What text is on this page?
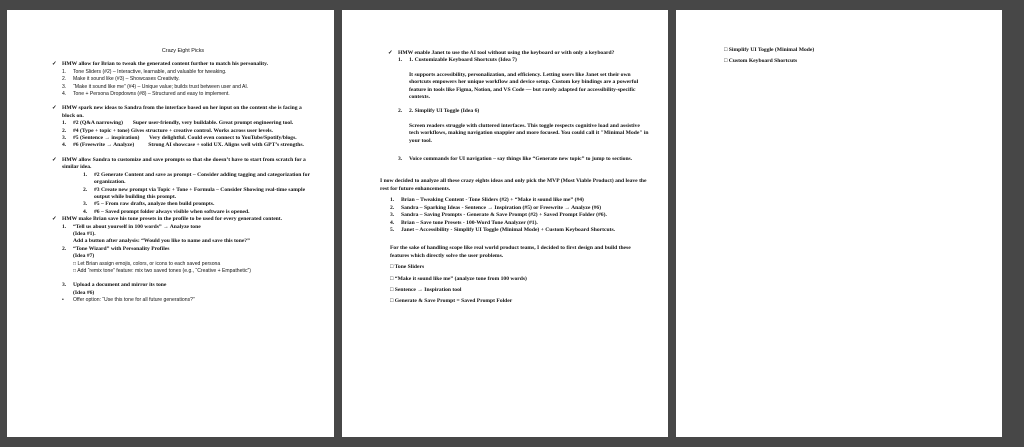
Crazy Eight Picks
✓ HMW allow for Brian to tweak the generated content further to match his personality.
1.	Tone Sliders (#2) – Interactive, learnable, and valuable for tweaking.
2.	Make it sound like (#3) – Showcases Creativity.
3.	“Make it sound like me” (#4) – Unique value; builds trust between user and AI.
4.	Tone + Persona Dropdowns (#8) – Structured and easy to implement.
✓ HMW spark new ideas to Sandra from the interface based on her input on the content she is facing a block on.
1.	#2 (Q&A narrowing)       Super user-friendly, very buildable. Great prompt engineering tool.
2.	#4 (Type + topic + tone) Gives structure + creative control. Works across user levels.
3.	#5 (Sentence → inspiration)       Very delightful. Could even connect to YouTube/Spotify/blogs.
4.	#6 (Freewrite → Analyze)          Strong AI showcase + solid UX. Aligns well with GPT’s strengths.
✓ HMW allow Sandra to customize and save prompts so that she doesn’t have to start from scratch for a similar idea.
1.	#2 Generate Content and save as prompt – Consider adding tagging and categorization for organization.
2.	#3 Create new prompt via Topic + Tone + Formula – Consider Showing real-time sample output while building this prompt.
3.	#5 – From raw drafts, analyze then build prompts.
4.	#6 – Saved prompt folder always visible when software is opened.
✓ HMW make Brian save his tone presets in the profile to be used for every generated content.
1.	“Tell us about yourself in 100 words” → Analyze tone
(Idea #1).
Add a button after analysis: “Would you like to name and save this tone?”
2.	“Tone Wizard” with Personality Profiles
(Idea #7)
□ Let Brian assign emojis, colors, or icons to each saved persona
□ Add “remix tone” feature: mix two saved tones (e.g., “Creative + Empathetic”)
3.	Upload a document and mirror its tone
(Idea #6)
•	Offer option: “Use this tone for all future generations?”
✓ HMW enable Janet to use the AI tool without using the keyboard or with only a keyboard?
1.	1. Customizable Keyboard Shortcuts (Idea 7)
It supports accessibility, personalization, and efficiency. Letting users like Janet set their own shortcuts empowers her unique workflow and device setup. Custom key bindings are a powerful feature in tools like Figma, Notion, and VS Code — but rarely adapted for accessibility-specific contexts.
2.	2. Simplify UI Toggle (Idea 6)
Screen readers struggle with cluttered interfaces. This toggle respects cognitive load and assistive tech workflows, making navigation snappier and more focused. You could call it "Minimal Mode" in your tool.
3.	Voice commands for UI navigation – say things like “Generate new topic” to jump to sections.
I now decided to analyze all these crazy eights ideas and only pick the MVP (Most Viable Product) and leave the rest for future enhancements.
1.	Brian – Tweaking Content - Tone Sliders (#2) + “Make it sound like me” (#4)
2.	Sandra – Sparking Ideas - Sentence → Inspiration (#5) or Freewrite → Analyze (#6)
3.	Sandra – Saving Prompts - Generate & Save Prompt (#2) + Saved Prompt Folder (#6).
4.	Brian – Save tone Presets - 100-Word Tone Analyzer (#1).
5.	Janet – Accessibility - Simplify UI Toggle (Minimal Mode) + Custom Keyboard Shortcuts.
For the sake of handling scope like real world product teams, I decided to first design and build these features which directly solve the user problems.
□ Tone Sliders
□ “Make it sound like me” (analyze tone from 100 words)
□ Sentence → Inspiration tool
□ Generate & Save Prompt = Saved Prompt Folder
□ Simplify UI Toggle (Minimal Mode)
□ Custom Keyboard Shortcuts
